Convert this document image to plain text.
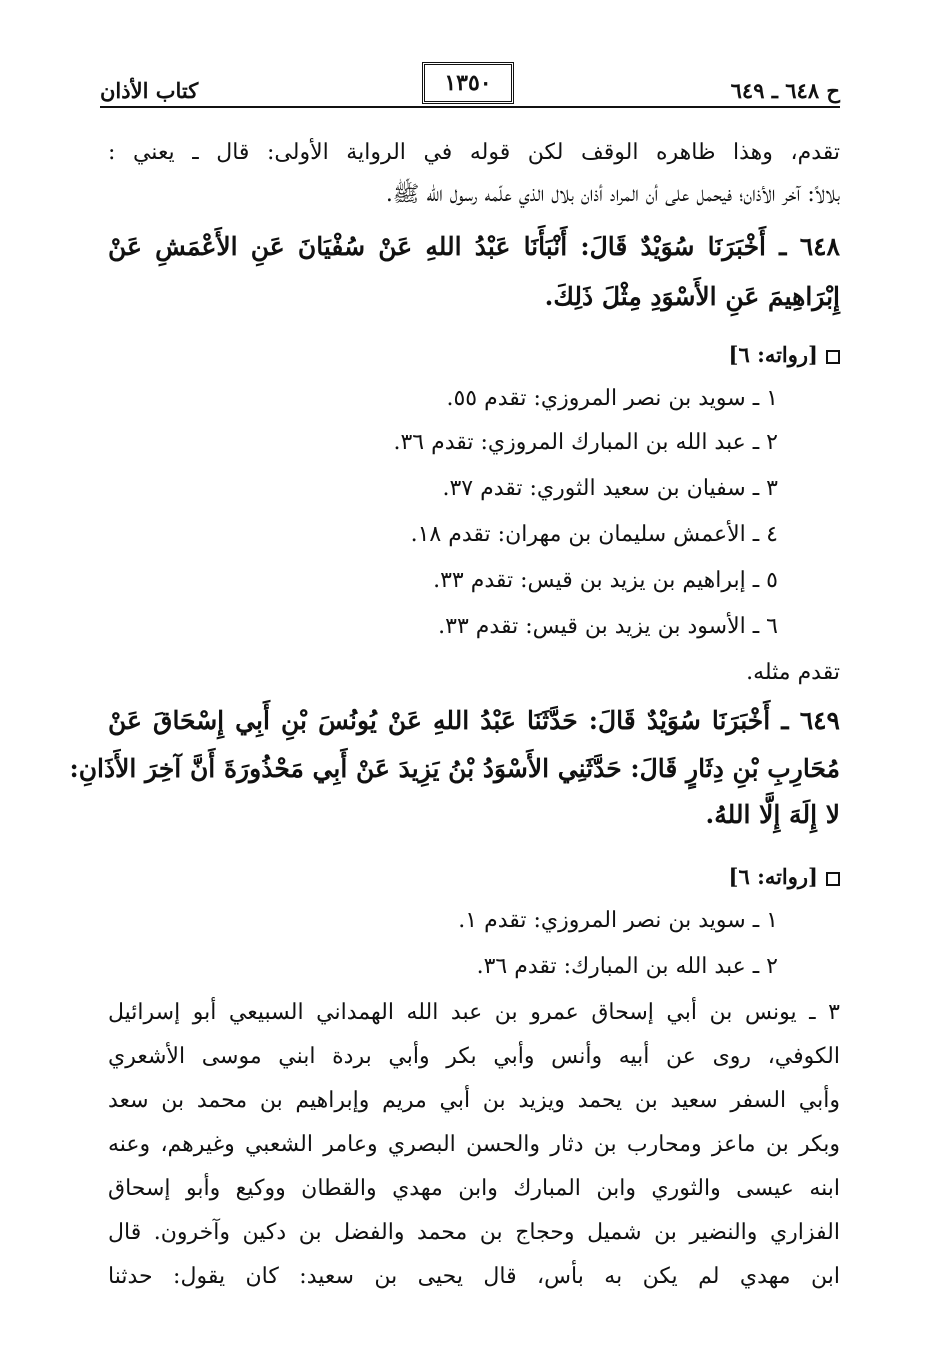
ح ٦٤٨ ـ ٦٤٩
١٣٥٠
كتاب الأذان
تقدم، وهذا ظاهره الوقف لكن قوله في الرواية الأولى: قال ـ يعني :
بلالاً: آخر الأذان؛ فيحمل على أن المراد أذان بلال الذي علّمه رسول الله ﷺ.
٦٤٨ ـ أَخْبَرَنَا سُوَيْدٌ قَالَ: أَنْبَأَنَا عَبْدُ اللهِ عَنْ سُفْيَانَ عَنِ الأَعْمَشِ عَنْ
إِبْرَاهِيمَ عَنِ الأَسْوَدِ مِثْلَ ذَلِكَ.
[رواته: ٦]
١ ـ سويد بن نصر المروزي: تقدم ٥٥.
٢ ـ عبد الله بن المبارك المروزي: تقدم ٣٦.
٣ ـ سفيان بن سعيد الثوري: تقدم ٣٧.
٤ ـ الأعمش سليمان بن مهران: تقدم ١٨.
٥ ـ إبراهيم بن يزيد بن قيس: تقدم ٣٣.
٦ ـ الأسود بن يزيد بن قيس: تقدم ٣٣.
تقدم مثله.
٦٤٩ ـ أَخْبَرَنَا سُوَيْدٌ قَالَ: حَدَّثَنَا عَبْدُ اللهِ عَنْ يُونُسَ بْنِ أَبِي إِسْحَاقَ عَنْ
مُحَارِبِ بْنِ دِثَارٍ قَالَ: حَدَّثَنِي الأَسْوَدُ بْنُ يَزِيدَ عَنْ أَبِي مَحْذُورَةَ أَنَّ آخِرَ الأَذَانِ:
لا إِلَهَ إِلَّا اللهُ.
[رواته: ٦]
١ ـ سويد بن نصر المروزي: تقدم ١.
٢ ـ عبد الله بن المبارك: تقدم ٣٦.
٣ ـ يونس بن أبي إسحاق عمرو بن عبد الله الهمداني السبيعي أبو إسرائيل
الكوفي، روى عن أبيه وأنس وأبي بكر وأبي بردة ابني موسى الأشعري
وأبي السفر سعيد بن يحمد ويزيد بن أبي مريم وإبراهيم بن محمد بن سعد
وبكر بن ماعز ومحارب بن دثار والحسن البصري وعامر الشعبي وغيرهم، وعنه
ابنه عيسى والثوري وابن المبارك وابن مهدي والقطان ووكيع وأبو إسحاق
الفزاري والنضير بن شميل وحجاج بن محمد والفضل بن دكين وآخرون. قال
ابن مهدي لم يكن به بأس، قال يحيى بن سعيد: كان يقول: حدثنا
